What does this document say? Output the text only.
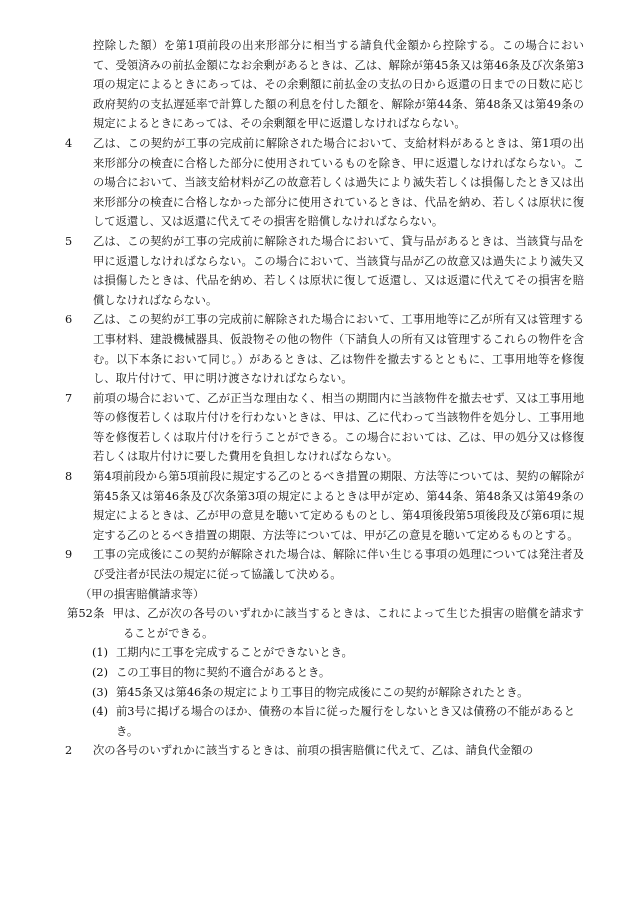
控除した額）を第1項前段の出来形部分に相当する請負代金額から控除する。この場合において、受領済みの前払金額になお余剰があるときは、乙は、解除が第45条又は第46条及び次条第3項の規定によるときにあっては、その余剰額に前払金の支払の日から返還の日までの日数に応じ政府契約の支払遅延率で計算した額の利息を付した額を、解除が第44条、第48条又は第49条の規定によるときにあっては、その余剰額を甲に返還しなければならない。

4 乙は、この契約が工事の完成前に解除された場合において、支給材料があるときは、第1項の出来形部分の検査に合格した部分に使用されているものを除き、甲に返還しなければならない。この場合において、当該支給材料が乙の故意若しくは過失により滅失若しくは損傷したとき又は出来形部分の検査に合格しなかった部分に使用されているときは、代品を納め、若しくは原状に復して返還し、又は返還に代えてその損害を賠償しなければならない。

5 乙は、この契約が工事の完成前に解除された場合において、貸与品があるときは、当該貸与品を甲に返還しなければならない。この場合において、当該貸与品が乙の故意又は過失により滅失又は損傷したときは、代品を納め、若しくは原状に復して返還し、又は返還に代えてその損害を賠償しなければならない。

6 乙は、この契約が工事の完成前に解除された場合において、工事用地等に乙が所有又は管理する工事材料、建設機械器具、仮設物その他の物件（下請負人の所有又は管理するこれらの物件を含む。以下本条において同じ。）があるときは、乙は物件を撤去するとともに、工事用地等を修復し、取片付けて、甲に明け渡さなければならない。

7 前項の場合において、乙が正当な理由なく、相当の期間内に当該物件を撤去せず、又は工事用地等の修復若しくは取片付けを行わないときは、甲は、乙に代わって当該物件を処分し、工事用地等を修復若しくは取片付けを行うことができる。この場合においては、乙は、甲の処分又は修復若しくは取片付けに要した費用を負担しなければならない。

8 第4項前段から第5項前段に規定する乙のとるべき措置の期限、方法等については、契約の解除が第45条又は第46条及び次条第3項の規定によるときは甲が定め、第44条、第48条又は第49条の規定によるときは、乙が甲の意見を聴いて定めるものとし、第4項後段第5項後段及び第6項に規定する乙のとるべき措置の期限、方法等については、甲が乙の意見を聴いて定めるものとする。

9 工事の完成後にこの契約が解除された場合は、解除に伴い生じる事項の処理については発注者及び受注者が民法の規定に従って協議して決める。

（甲の損害賠償請求等）

第52条 甲は、乙が次の各号のいずれかに該当するときは、これによって生じた損害の賠償を請求することができる。

(1) 工期内に工事を完成することができないとき。

(2) この工事目的物に契約不適合があるとき。

(3) 第45条又は第46条の規定により工事目的物完成後にこの契約が解除されたとき。

(4) 前3号に掲げる場合のほか、債務の本旨に従った履行をしないとき又は債務の不能があるとき。

2 次の各号のいずれかに該当するときは、前項の損害賠償に代えて、乙は、請負代金額の
